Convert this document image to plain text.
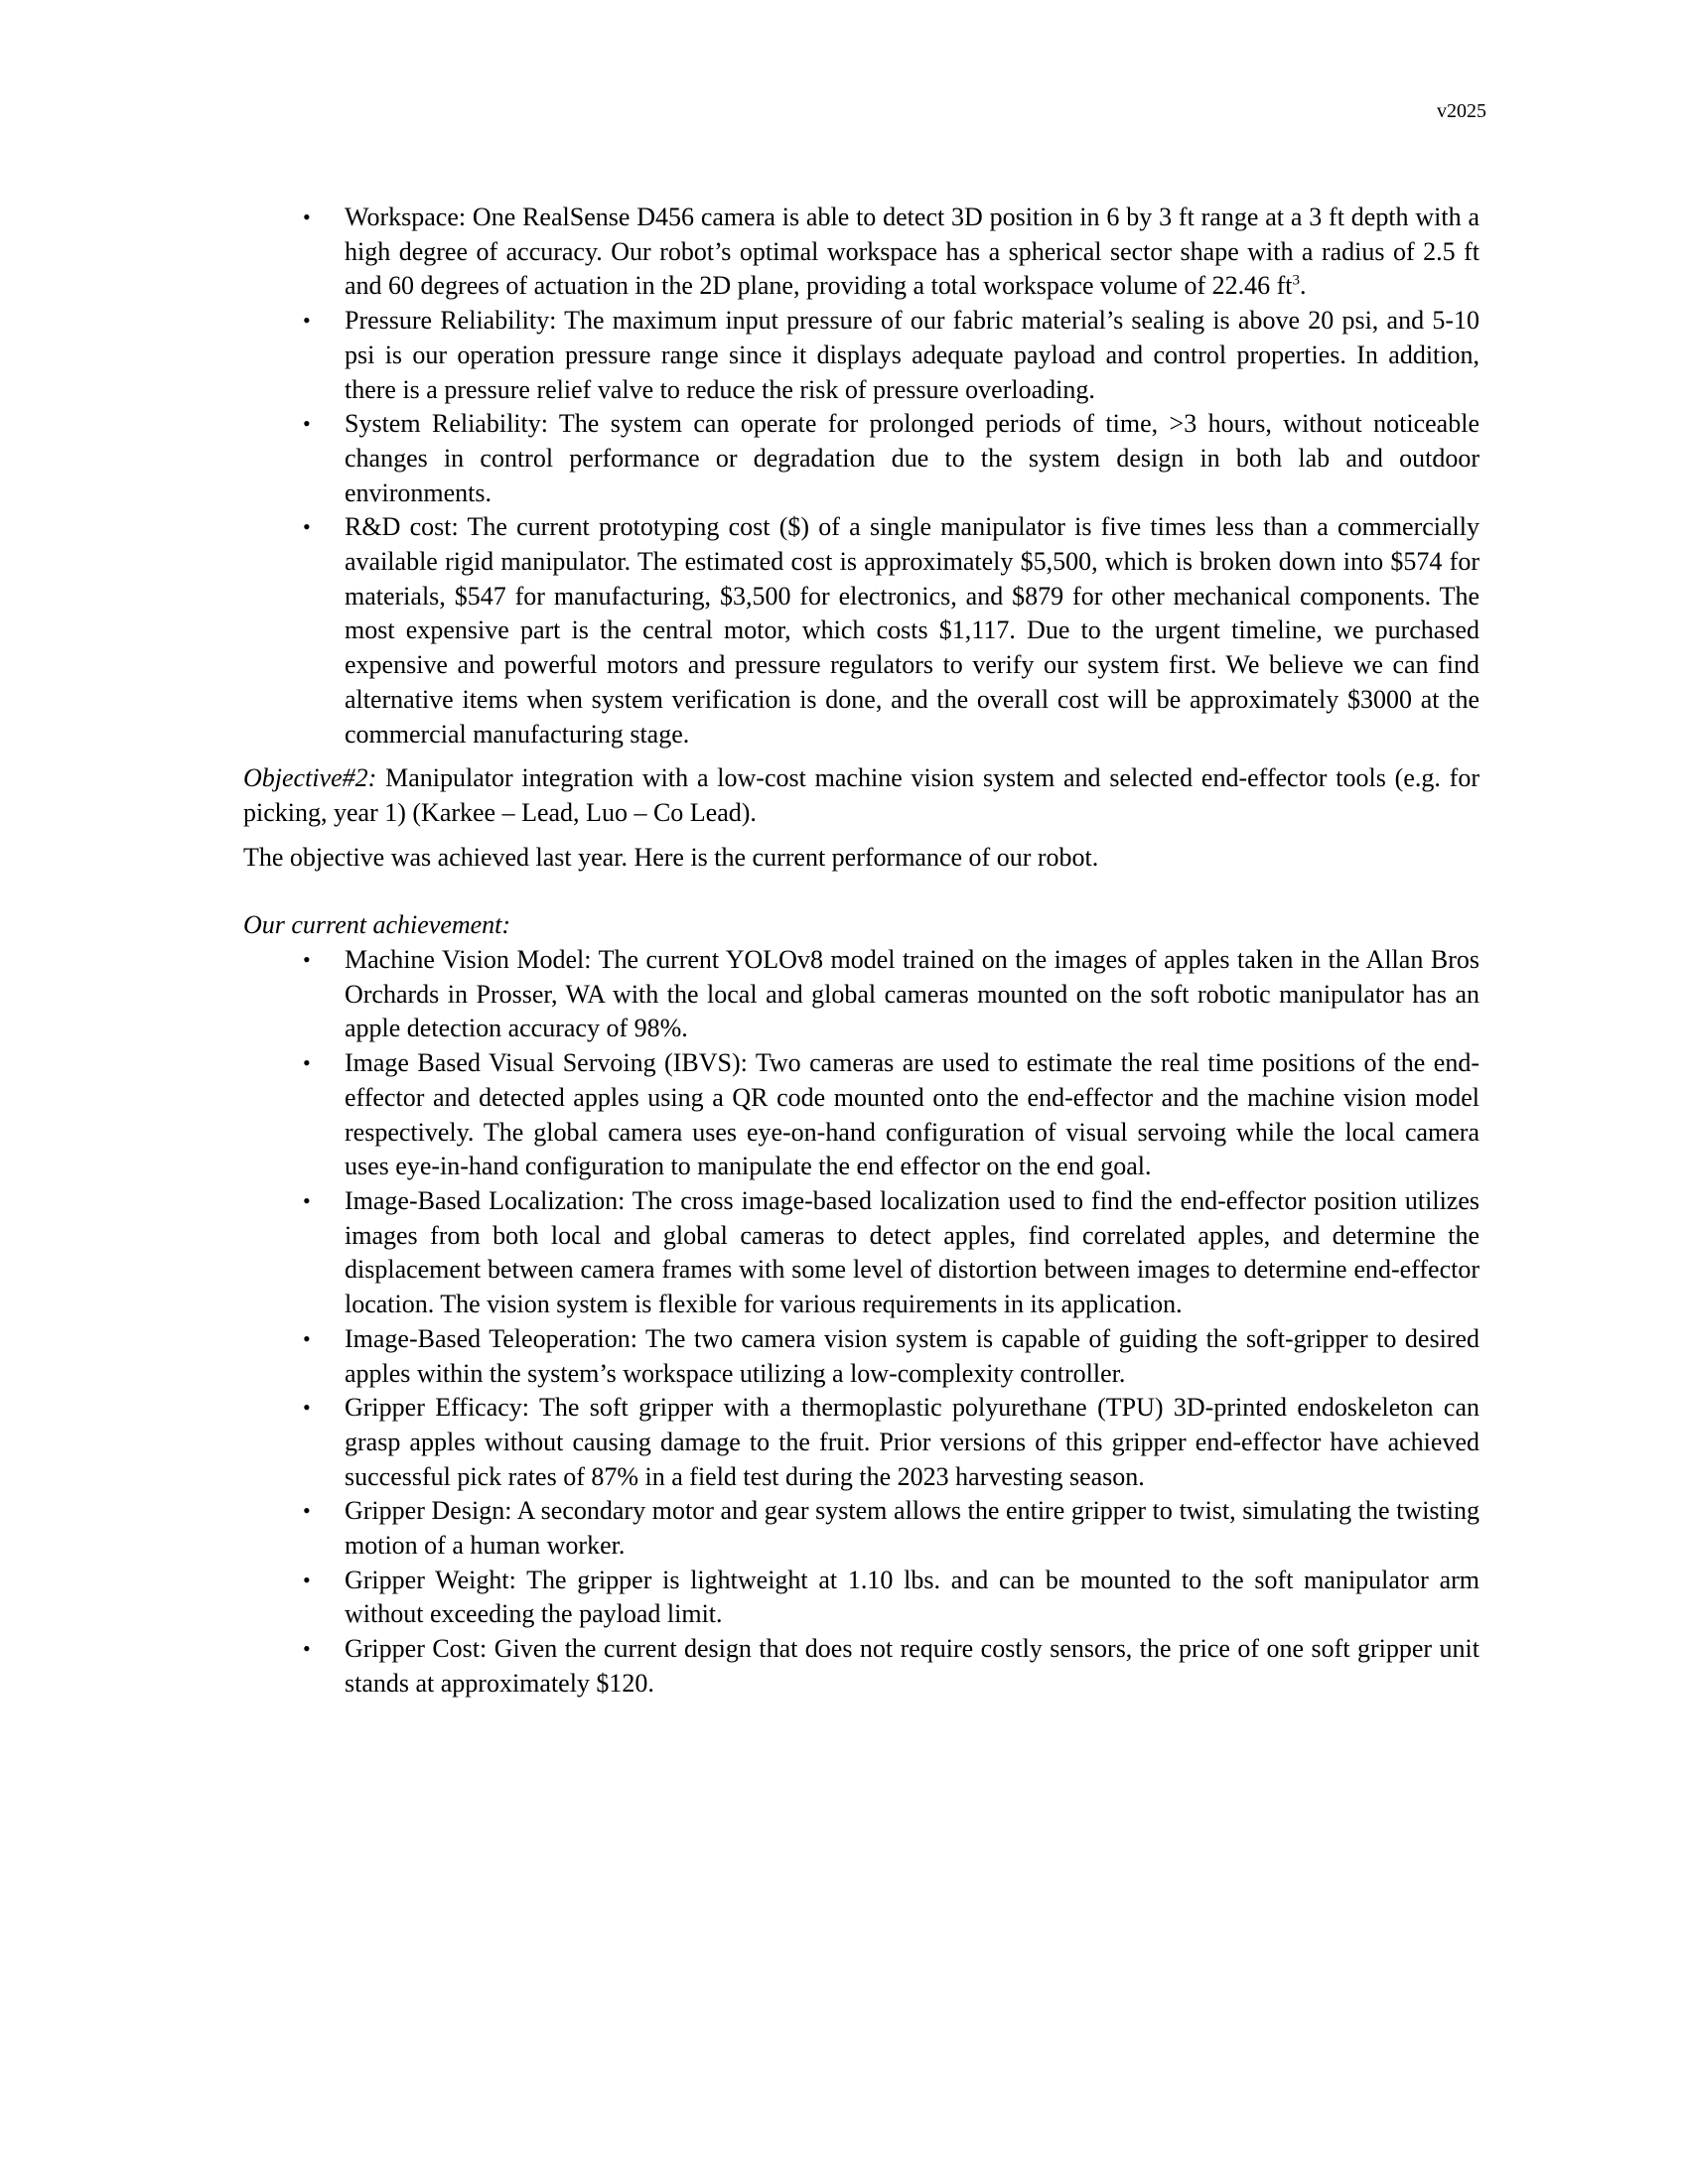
v2025
• Workspace: One RealSense D456 camera is able to detect 3D position in 6 by 3 ft range at a 3 ft depth with a high degree of accuracy. Our robot’s optimal workspace has a spherical sector shape with a radius of 2.5 ft and 60 degrees of actuation in the 2D plane, providing a total workspace volume of 22.46 $ft^3$.
• Pressure Reliability: The maximum input pressure of our fabric material’s sealing is above 20 psi, and 5-10 psi is our operation pressure range since it displays adequate payload and control properties. In addition, there is a pressure relief valve to reduce the risk of pressure overloading.
• System Reliability: The system can operate for prolonged periods of time, >3 hours, without noticeable changes in control performance or degradation due to the system design in both lab and outdoor environments.
• R&D cost: The current prototyping cost ($) of a single manipulator is five times less than a commercially available rigid manipulator. The estimated cost is approximately $5,500, which is broken down into $574 for materials, $547 for manufacturing, $3,500 for electronics, and $879 for other mechanical components. The most expensive part is the central motor, which costs $1,117. Due to the urgent timeline, we purchased expensive and powerful motors and pressure regulators to verify our system first. We believe we can find alternative items when system verification is done, and the overall cost will be approximately $3000 at the commercial manufacturing stage.

Objective#2: Manipulator integration with a low-cost machine vision system and selected end-effector tools (e.g. for picking, year 1) (Karkee – Lead, Luo – Co Lead).

The objective was achieved last year. Here is the current performance of our robot.

Our current achievement:

• Machine Vision Model: The current YOLOv8 model trained on the images of apples taken in the Allan Bros Orchards in Prosser, WA with the local and global cameras mounted on the soft robotic manipulator has an apple detection accuracy of 98%.
• Image Based Visual Servoing (IBVS): Two cameras are used to estimate the real time positions of the end-effector and detected apples using a QR code mounted onto the end-effector and the machine vision model respectively. The global camera uses eye-on-hand configuration of visual servoing while the local camera uses eye-in-hand configuration to manipulate the end effector on the end goal.
• Image-Based Localization: The cross image-based localization used to find the end-effector position utilizes images from both local and global cameras to detect apples, find correlated apples, and determine the displacement between camera frames with some level of distortion between images to determine end-effector location. The vision system is flexible for various requirements in its application.
• Image-Based Teleoperation: The two camera vision system is capable of guiding the soft-gripper to desired apples within the system’s workspace utilizing a low-complexity controller.
• Gripper Efficacy: The soft gripper with a thermoplastic polyurethane (TPU) 3D-printed endoskeleton can grasp apples without causing damage to the fruit. Prior versions of this gripper end-effector have achieved successful pick rates of 87% in a field test during the 2023 harvesting season.
• Gripper Design: A secondary motor and gear system allows the entire gripper to twist, simulating the twisting motion of a human worker.
• Gripper Weight: The gripper is lightweight at 1.10 lbs. and can be mounted to the soft manipulator arm without exceeding the payload limit.
• Gripper Cost: Given the current design that does not require costly sensors, the price of one soft gripper unit stands at approximately $120.
